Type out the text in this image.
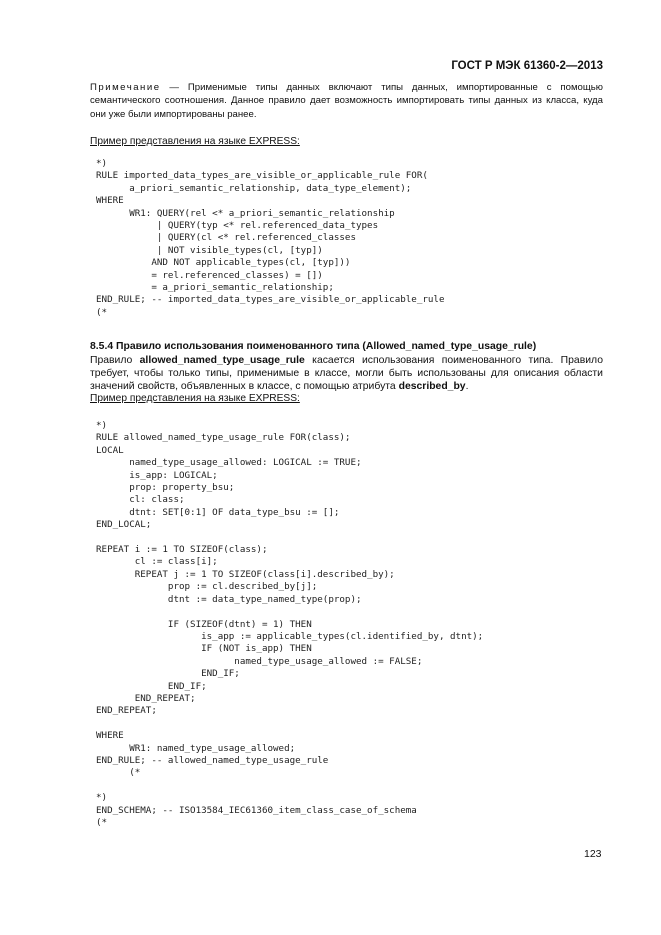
ГОСТ Р МЭК 61360-2—2013
Примечание — Применимые типы данных включают типы данных, импортированные с помощью семантического соотношения. Данное правило дает возможность импортировать типы данных из класса, куда они уже были импортированы ранее.
Пример представления на языке EXPRESS:
*)
RULE imported_data_types_are_visible_or_applicable_rule FOR(
a_priori_semantic_relationship, data_type_element);
WHERE
WR1: QUERY(rel <* a_priori_semantic_relationship
| QUERY(typ <* rel.referenced_data_types
| QUERY(cl <* rel.referenced_classes
| NOT visible_types(cl, [typ])
AND NOT applicable_types(cl, [typ]))
= rel.referenced_classes) = [])
= a_priori_semantic_relationship;
END_RULE; -- imported_data_types_are_visible_or_applicable_rule
(*
8.5.4 Правило использования поименованного типа (Allowed_named_type_usage_rule)
Правило allowed_named_type_usage_rule касается использования поименованного типа. Правило требует, чтобы только типы, применимые в классе, могли быть использованы для описания области значений свойств, объявленных в классе, с помощью атрибута described_by.
Пример представления на языке EXPRESS:
*)
RULE allowed_named_type_usage_rule FOR(class);
LOCAL
named_type_usage_allowed: LOGICAL := TRUE;
is_app: LOGICAL;
prop: property_bsu;
cl: class;
dtnt: SET[0:1] OF data_type_bsu := [];
END_LOCAL;

REPEAT i := 1 TO SIZEOF(class);
cl := class[i];
REPEAT j := 1 TO SIZEOF(class[i].described_by);
prop := cl.described_by[j];
dtnt := data_type_named_type(prop);

IF (SIZEOF(dtnt) = 1) THEN
is_app := applicable_types(cl.identified_by, dtnt);
IF (NOT is_app) THEN
named_type_usage_allowed := FALSE;
END_IF;
END_IF;
END_REPEAT;
END_REPEAT;

WHERE
WR1: named_type_usage_allowed;
END_RULE; -- allowed_named_type_usage_rule
(*

*)
END_SCHEMA; -- ISO13584_IEC61360_item_class_case_of_schema
(*
123
